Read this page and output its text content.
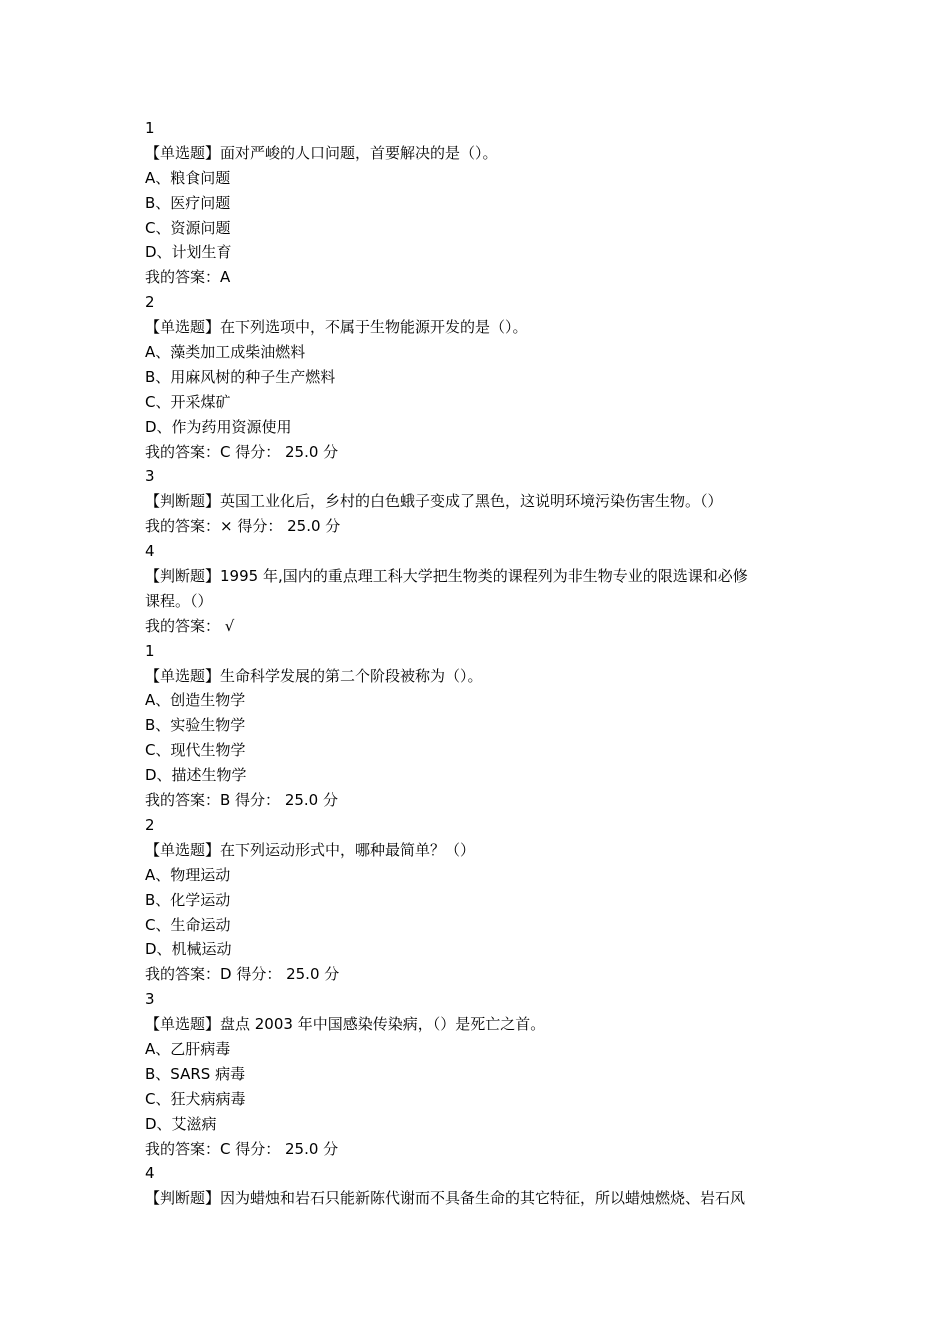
1
【单选题】面对严峻的人口问题，首要解决的是（）。
A、粮食问题
B、医疗问题
C、资源问题
D、计划生育
我的答案：A
2
【单选题】在下列选项中，不属于生物能源开发的是（）。
A、藻类加工成柴油燃料
B、用麻风树的种子生产燃料
C、开采煤矿
D、作为药用资源使用
我的答案：C 得分： 25.0 分
3
【判断题】英国工业化后，乡村的白色蛾子变成了黑色，这说明环境污染伤害生物。（）
我的答案：× 得分： 25.0 分
4
【判断题】1995 年,国内的重点理工科大学把生物类的课程列为非生物专业的限选课和必修
课程。（）
我的答案： √
1
【单选题】生命科学发展的第二个阶段被称为（）。
A、创造生物学
B、实验生物学
C、现代生物学
D、描述生物学
我的答案：B 得分： 25.0 分
2
【单选题】在下列运动形式中，哪种最简单？（）
A、物理运动
B、化学运动
C、生命运动
D、机械运动
我的答案：D 得分： 25.0 分
3
【单选题】盘点 2003 年中国感染传染病，（）是死亡之首。
A、乙肝病毒
B、SARS 病毒
C、狂犬病病毒
D、艾滋病
我的答案：C 得分： 25.0 分
4
【判断题】因为蜡烛和岩石只能新陈代谢而不具备生命的其它特征，所以蜡烛燃烧、岩石风
